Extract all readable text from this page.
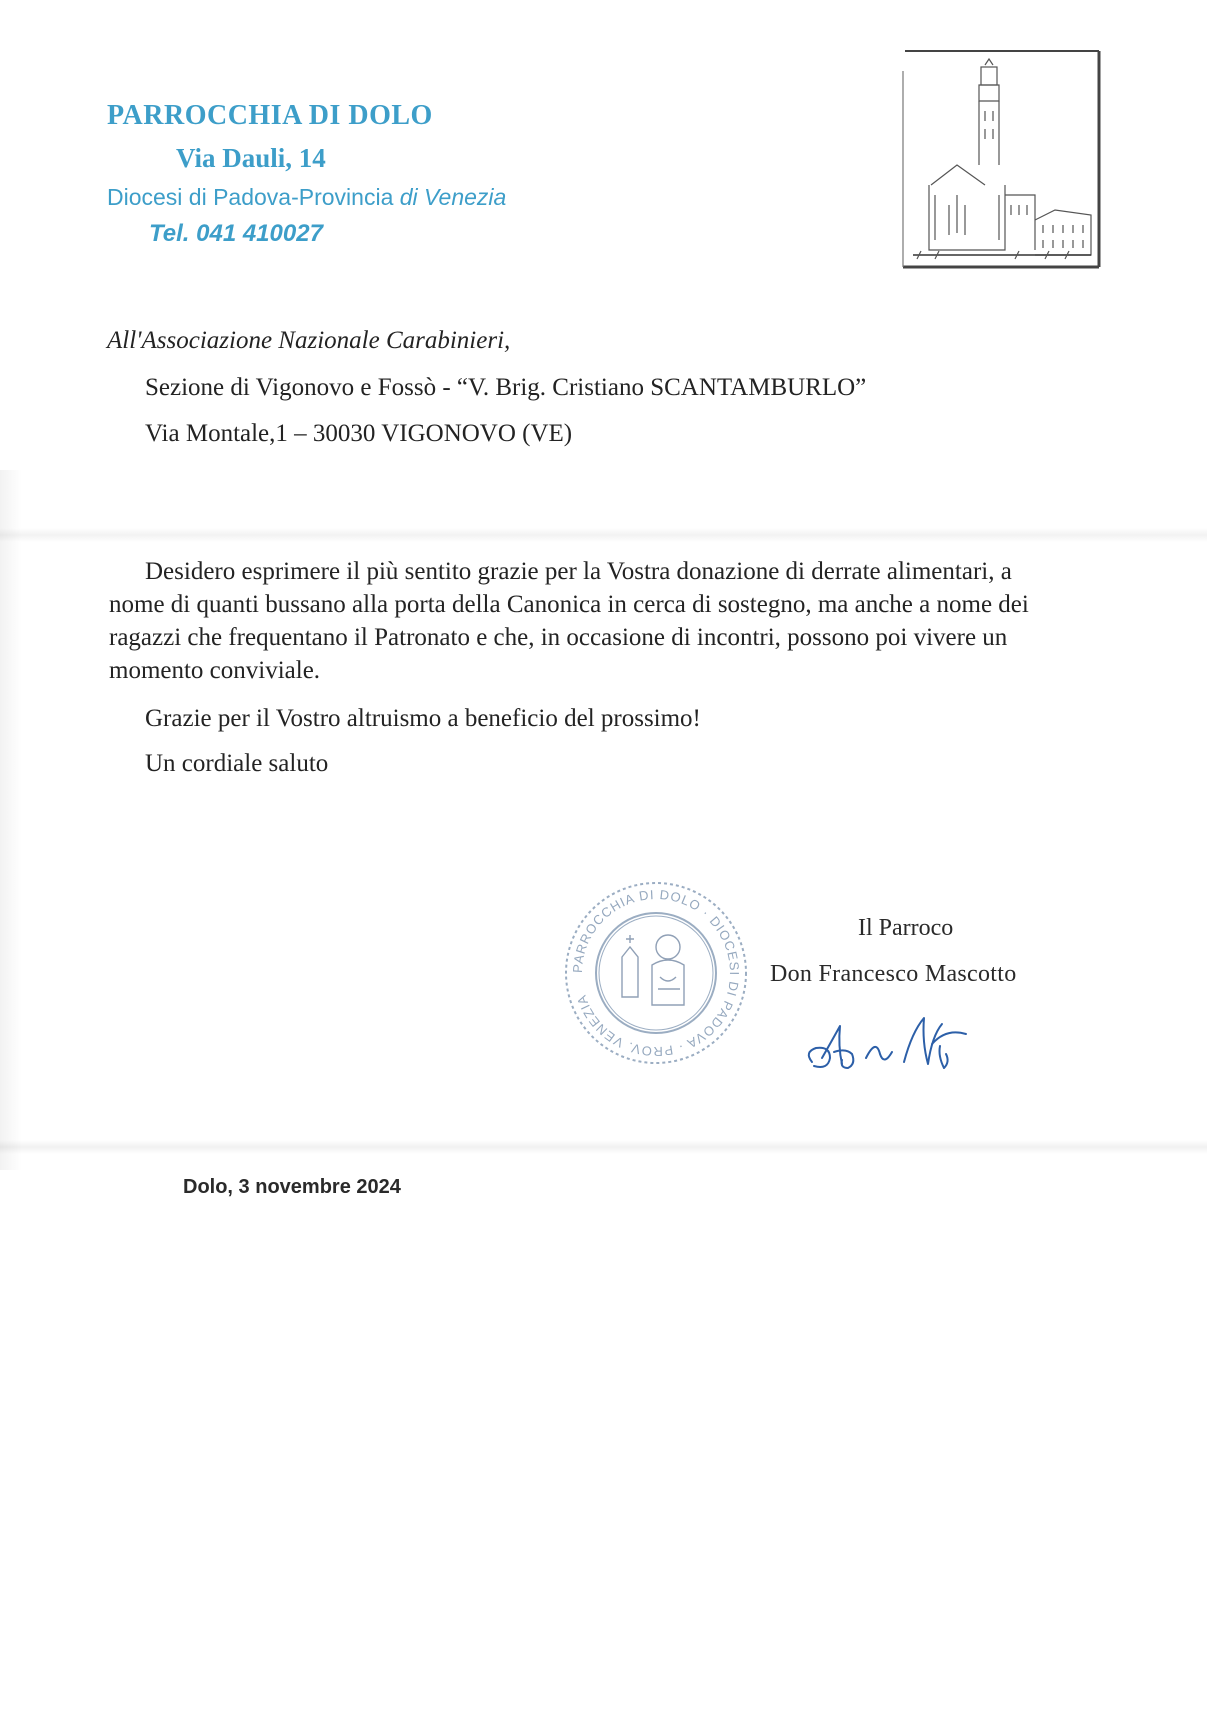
PARROCCHIA DI DOLO
Via Dauli, 14
Diocesi di Padova-Provincia di Venezia
Tel. 041 410027
All'Associazione Nazionale Carabinieri,
Sezione di Vigonovo e Fossò - “V. Brig. Cristiano SCANTAMBURLO”
Via Montale,1 – 30030 VIGONOVO (VE)
Desidero esprimere il più sentito grazie per la Vostra donazione di derrate alimentari, a nome di quanti bussano alla porta della Canonica in cerca di sostegno, ma anche a nome dei ragazzi che frequentano il Patronato e che, in occasione di incontri, possono poi vivere un momento conviviale.
Grazie per il Vostro altruismo a beneficio del prossimo!
Un cordiale saluto
PARROCCHIA DI DOLO · DIOCESI DI PADOVA · PROV. VENEZIA
Il Parroco
Don Francesco Mascotto
Dolo, 3 novembre 2024
